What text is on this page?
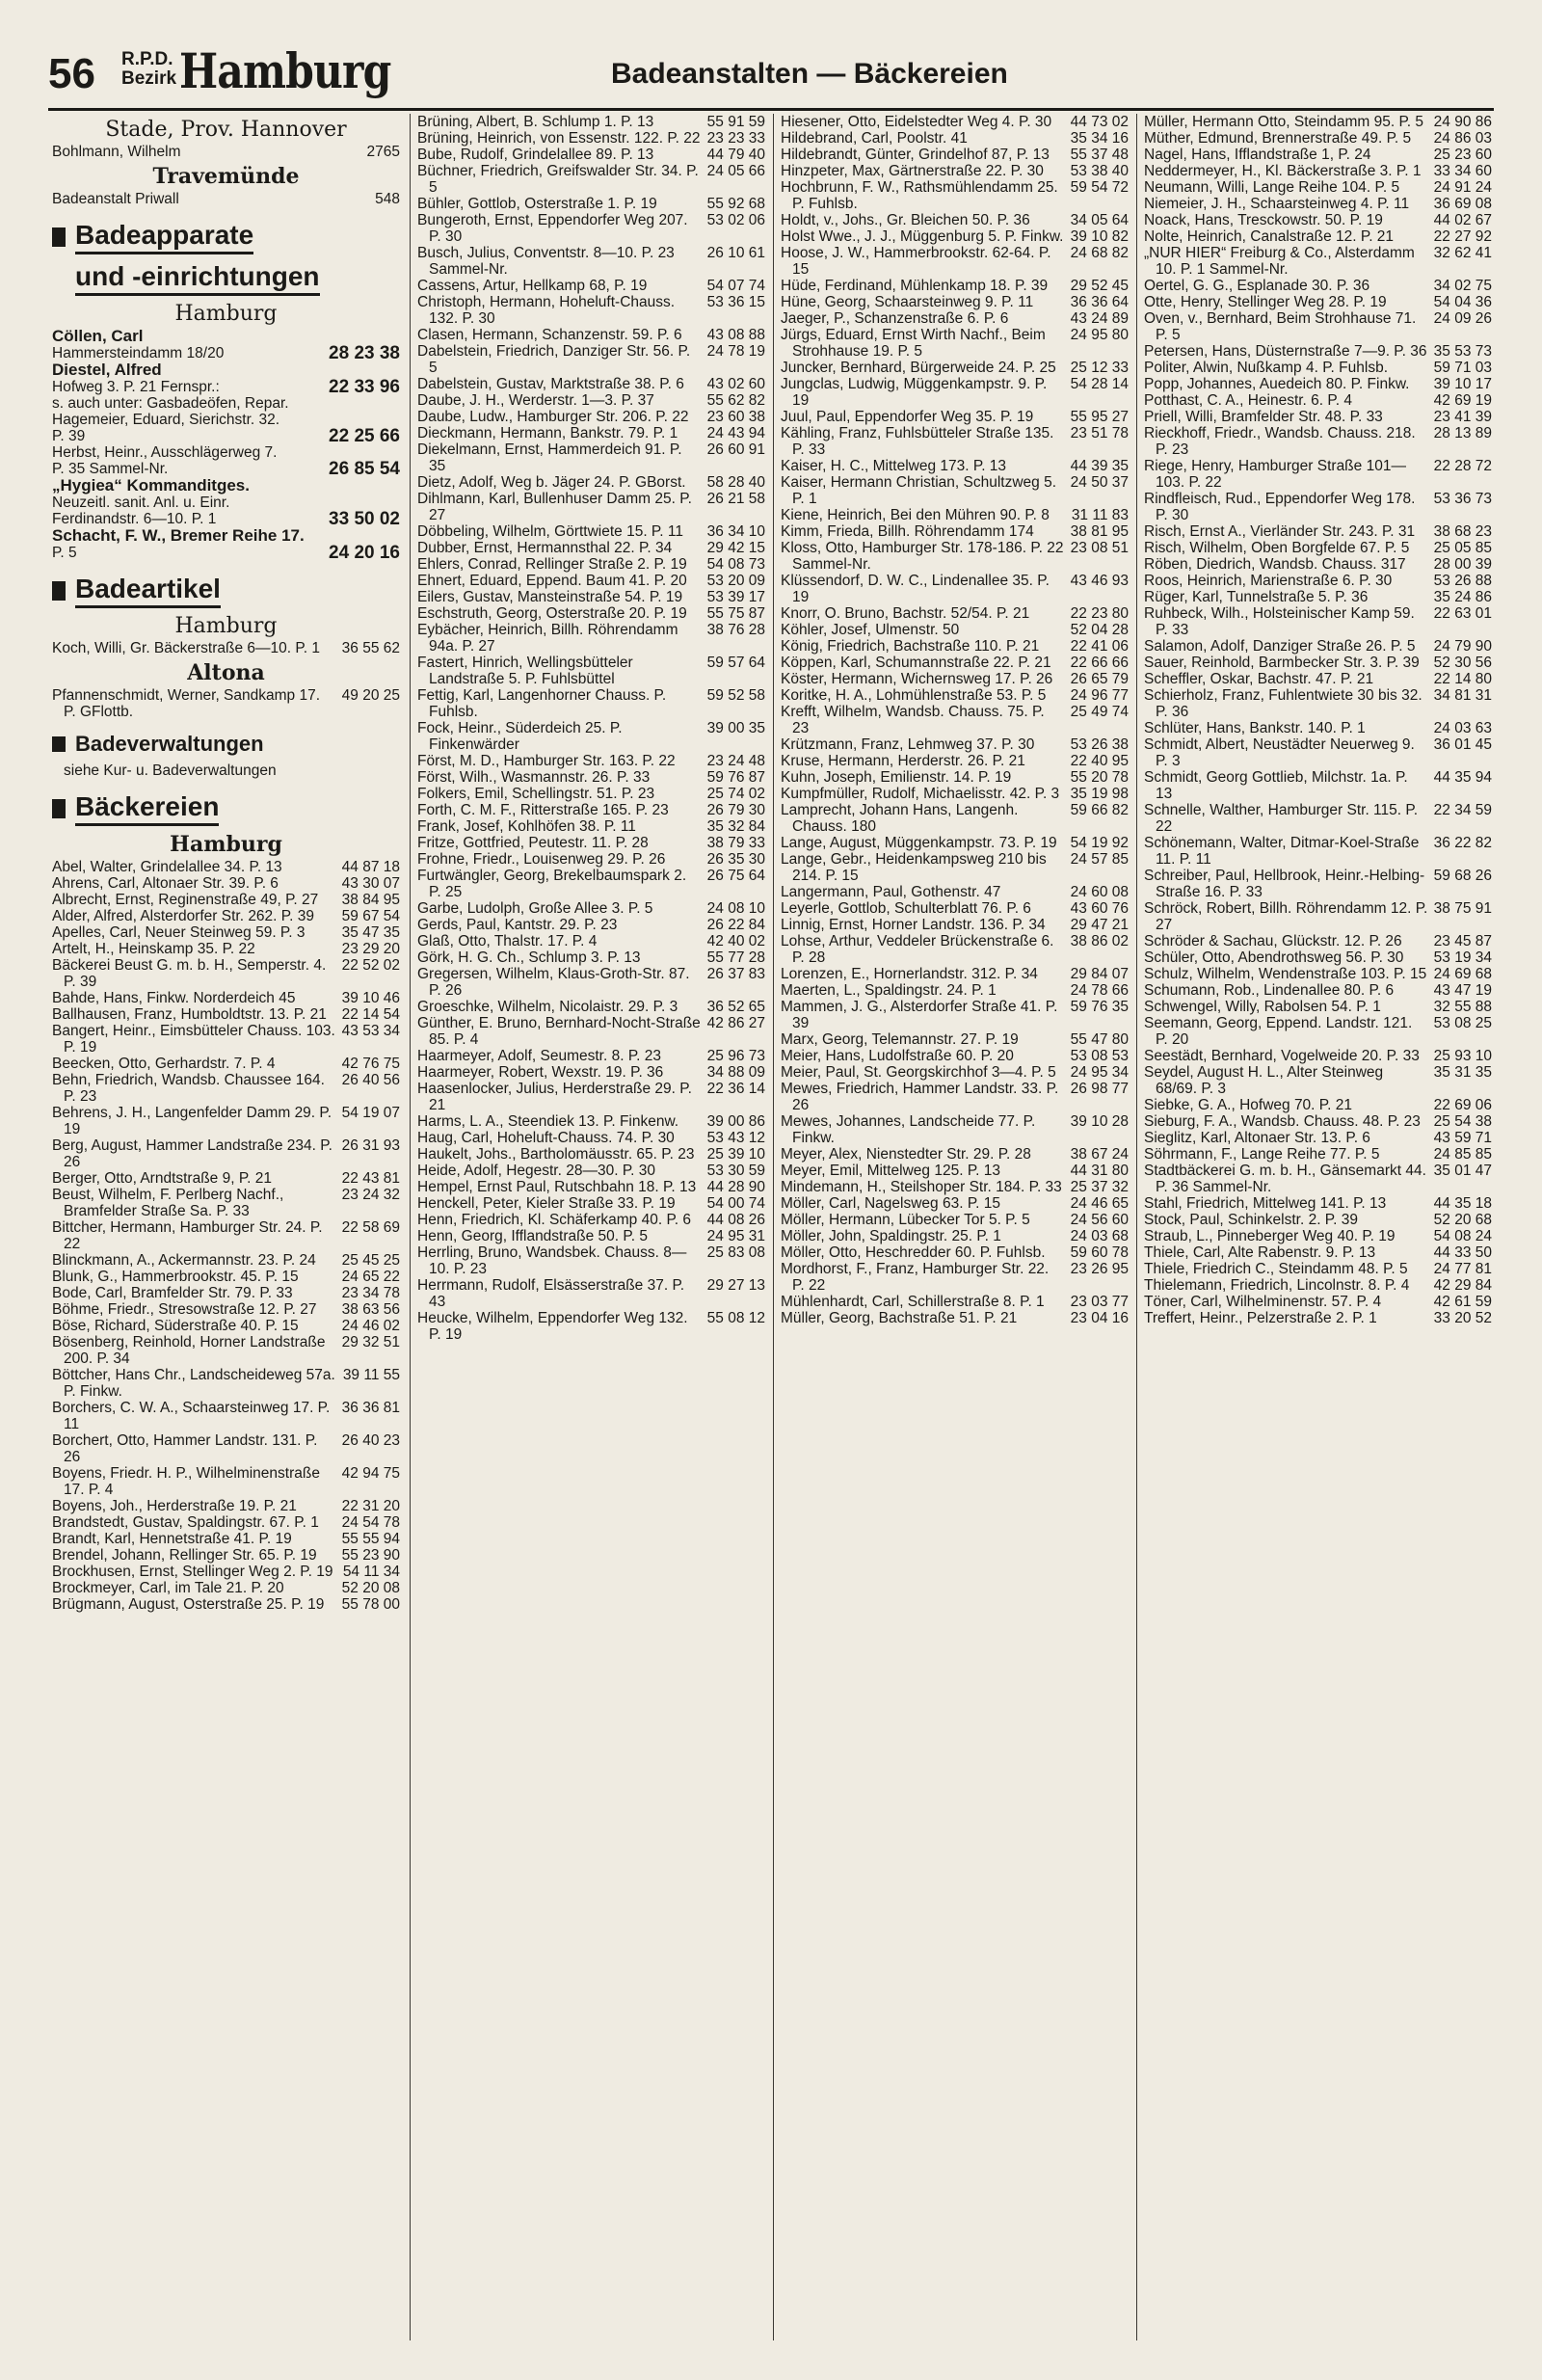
56 R.P.D.
Bezirk Hamburg	Badeanstalten — Bäckereien
Stade, Prov. Hannover
2765
Bohlmann, Wilhelm
Travemünde
548
Badeanstalt Priwall
Badeapparate
und -einrichtungen
Hamburg
Cöllen, Carl
28 23 38
Hammersteindamm 18/20
Diestel, Alfred
22 33 96
Hofweg 3. P. 21 Fernspr.:
s. auch unter: Gasbadeöfen, Repar.
Hagemeier, Eduard, Sierichstr. 32.
22 25 66
P. 39
Herbst, Heinr., Ausschlägerweg 7.
26 85 54
P. 35 Sammel-Nr.
„Hygiea“ Kommanditges.
Neuzeitl. sanit. Anl. u. Einr.
33 50 02
Ferdinandstr. 6—10. P. 1
Schacht, F. W., Bremer Reihe 17.
24 20 16
P. 5
Badeartikel
Hamburg
36 55 62
Koch, Willi, Gr. Bäckerstraße 6—10. P. 1
Altona
49 20 25
Pfannenschmidt, Werner, Sandkamp 17. P. GFlottb.
Badeverwaltungen
siehe Kur- u. Badeverwaltungen
Bäckereien
Hamburg
44 87 18
Abel, Walter, Grindelallee 34. P. 13
43 30 07
Ahrens, Carl, Altonaer Str. 39. P. 6
38 84 95
Albrecht, Ernst, Reginenstraße 49, P. 27
59 67 54
Alder, Alfred, Alsterdorfer Str. 262. P. 39
35 47 35
Apelles, Carl, Neuer Steinweg 59. P. 3
23 29 20
Artelt, H., Heinskamp 35. P. 22
22 52 02
Bäckerei Beust G. m. b. H., Semperstr. 4. P. 39
39 10 46
Bahde, Hans, Finkw. Norderdeich 45
22 14 54
Ballhausen, Franz, Humboldtstr. 13. P. 21
43 53 34
Bangert, Heinr., Eimsbütteler Chauss. 103. P. 19
42 76 75
Beecken, Otto, Gerhardstr. 7. P. 4
26 40 56
Behn, Friedrich, Wandsb. Chaussee 164. P. 23
54 19 07
Behrens, J. H., Langenfelder Damm 29. P. 19
26 31 93
Berg, August, Hammer Landstraße 234. P. 26
22 43 81
Berger, Otto, Arndtstraße 9, P. 21
23 24 32
Beust, Wilhelm, F. Perlberg Nachf., Bramfelder Straße Sa. P. 33
22 58 69
Bittcher, Hermann, Hamburger Str. 24. P. 22
25 45 25
Blinckmann, A., Ackermannstr. 23. P. 24
24 65 22
Blunk, G., Hammerbrookstr. 45. P. 15
23 34 78
Bode, Carl, Bramfelder Str. 79. P. 33
38 63 56
Böhme, Friedr., Stresowstraße 12. P. 27
24 46 02
Böse, Richard, Süderstraße 40. P. 15
29 32 51
Bösenberg, Reinhold, Horner Landstraße 200. P. 34
39 11 55
Böttcher, Hans Chr., Landscheideweg 57a. P. Finkw.
36 36 81
Borchers, C. W. A., Schaarsteinweg 17. P. 11
26 40 23
Borchert, Otto, Hammer Landstr. 131. P. 26
42 94 75
Boyens, Friedr. H. P., Wilhelminenstraße 17. P. 4
22 31 20
Boyens, Joh., Herderstraße 19. P. 21
24 54 78
Brandstedt, Gustav, Spaldingstr. 67. P. 1
55 55 94
Brandt, Karl, Hennetstraße 41. P. 19
55 23 90
Brendel, Johann, Rellinger Str. 65. P. 19
54 11 34
Brockhusen, Ernst, Stellinger Weg 2. P. 19
52 20 08
Brockmeyer, Carl, im Tale 21. P. 20
55 78 00
Brügmann, August, Osterstraße 25. P. 19
55 91 59
Brüning, Albert, B. Schlump 1. P. 13
23 23 33
Brüning, Heinrich, von Essenstr. 122. P. 22
44 79 40
Bube, Rudolf, Grindelallee 89. P. 13
24 05 66
Büchner, Friedrich, Greifswalder Str. 34. P. 5
55 92 68
Bühler, Gottlob, Osterstraße 1. P. 19
53 02 06
Bungeroth, Ernst, Eppendorfer Weg 207. P. 30
26 10 61
Busch, Julius, Conventstr. 8—10. P. 23 Sammel-Nr.
54 07 74
Cassens, Artur, Hellkamp 68, P. 19
53 36 15
Christoph, Hermann, Hoheluft-Chauss. 132. P. 30
43 08 88
Clasen, Hermann, Schanzenstr. 59. P. 6
24 78 19
Dabelstein, Friedrich, Danziger Str. 56. P. 5
43 02 60
Dabelstein, Gustav, Marktstraße 38. P. 6
55 62 82
Daube, J. H., Werderstr. 1—3. P. 37
23 60 38
Daube, Ludw., Hamburger Str. 206. P. 22
24 43 94
Dieckmann, Hermann, Bankstr. 79. P. 1
26 60 91
Diekelmann, Ernst, Hammerdeich 91. P. 35
58 28 40
Dietz, Adolf, Weg b. Jäger 24. P. GBorst.
26 21 58
Dihlmann, Karl, Bullenhuser Damm 25. P. 27
36 34 10
Döbbeling, Wilhelm, Görttwiete 15. P. 11
29 42 15
Dubber, Ernst, Hermannsthal 22. P. 34
54 08 73
Ehlers, Conrad, Rellinger Straße 2. P. 19
53 20 09
Ehnert, Eduard, Eppend. Baum 41. P. 20
53 39 17
Eilers, Gustav, Mansteinstraße 54. P. 19
55 75 87
Eschstruth, Georg, Osterstraße 20. P. 19
38 76 28
Eybächer, Heinrich, Billh. Röhrendamm 94a. P. 27
59 57 64
Fastert, Hinrich, Wellingsbütteler Landstraße 5. P. Fuhlsbüttel
59 52 58
Fettig, Karl, Langenhorner Chauss. P. Fuhlsb.
39 00 35
Fock, Heinr., Süderdeich 25. P. Finkenwärder
23 24 48
Först, M. D., Hamburger Str. 163. P. 22
59 76 87
Först, Wilh., Wasmannstr. 26. P. 33
25 74 02
Folkers, Emil, Schellingstr. 51. P. 23
26 79 30
Forth, C. M. F., Ritterstraße 165. P. 23
35 32 84
Frank, Josef, Kohlhöfen 38. P. 11
38 79 33
Fritze, Gottfried, Peutestr. 11. P. 28
26 35 30
Frohne, Friedr., Louisenweg 29. P. 26
26 75 64
Furtwängler, Georg, Brekelbaumspark 2. P. 25
24 08 10
Garbe, Ludolph, Große Allee 3. P. 5
26 22 84
Gerds, Paul, Kantstr. 29. P. 23
42 40 02
Glaß, Otto, Thalstr. 17. P. 4
55 77 28
Görk, H. G. Ch., Schlump 3. P. 13
26 37 83
Gregersen, Wilhelm, Klaus-Groth-Str. 87. P. 26
36 52 65
Groeschke, Wilhelm, Nicolaistr. 29. P. 3
42 86 27
Günther, E. Bruno, Bernhard-Nocht-Straße 85. P. 4
25 96 73
Haarmeyer, Adolf, Seumestr. 8. P. 23
34 88 09
Haarmeyer, Robert, Wexstr. 19. P. 36
22 36 14
Haasenlocker, Julius, Herderstraße 29. P. 21
39 00 86
Harms, L. A., Steendiek 13. P. Finkenw.
53 43 12
Haug, Carl, Hoheluft-Chauss. 74. P. 30
25 39 10
Haukelt, Johs., Bartholomäusstr. 65. P. 23
53 30 59
Heide, Adolf, Hegestr. 28—30. P. 30
44 28 90
Hempel, Ernst Paul, Rutschbahn 18. P. 13
54 00 74
Henckell, Peter, Kieler Straße 33. P. 19
44 08 26
Henn, Friedrich, Kl. Schäferkamp 40. P. 6
24 95 31
Henn, Georg, Ifflandstraße 50. P. 5
25 83 08
Herrling, Bruno, Wandsbek. Chauss. 8—10. P. 23
29 27 13
Herrmann, Rudolf, Elsässerstraße 37. P. 43
55 08 12
Heucke, Wilhelm, Eppendorfer Weg 132. P. 19
44 73 02
Hiesener, Otto, Eidelstedter Weg 4. P. 30
35 34 16
Hildebrand, Carl, Poolstr. 41
55 37 48
Hildebrandt, Günter, Grindelhof 87, P. 13
53 38 40
Hinzpeter, Max, Gärtnerstraße 22. P. 30
59 54 72
Hochbrunn, F. W., Rathsmühlendamm 25. P. Fuhlsb.
34 05 64
Holdt, v., Johs., Gr. Bleichen 50. P. 36
39 10 82
Holst Wwe., J. J., Müggenburg 5. P. Finkw.
24 68 82
Hoose, J. W., Hammerbrookstr. 62-64. P. 15
29 52 45
Hüde, Ferdinand, Mühlenkamp 18. P. 39
36 36 64
Hüne, Georg, Schaarsteinweg 9. P. 11
43 24 89
Jaeger, P., Schanzenstraße 6. P. 6
24 95 80
Jürgs, Eduard, Ernst Wirth Nachf., Beim Strohhause 19. P. 5
25 12 33
Juncker, Bernhard, Bürgerweide 24. P. 25
54 28 14
Jungclas, Ludwig, Müggenkampstr. 9. P. 19
55 95 27
Juul, Paul, Eppendorfer Weg 35. P. 19
23 51 78
Kähling, Franz, Fuhlsbütteler Straße 135. P. 33
44 39 35
Kaiser, H. C., Mittelweg 173. P. 13
24 50 37
Kaiser, Hermann Christian, Schultzweg 5. P. 1
31 11 83
Kiene, Heinrich, Bei den Mühren 90. P. 8
38 81 95
Kimm, Frieda, Billh. Röhrendamm 174
23 08 51
Kloss, Otto, Hamburger Str. 178-186. P. 22 Sammel-Nr.
43 46 93
Klüssendorf, D. W. C., Lindenallee 35. P. 19
22 23 80
Knorr, O. Bruno, Bachstr. 52/54. P. 21
52 04 28
Köhler, Josef, Ulmenstr. 50
22 41 06
König, Friedrich, Bachstraße 110. P. 21
22 66 66
Köppen, Karl, Schumannstraße 22. P. 21
26 65 79
Köster, Hermann, Wichernsweg 17. P. 26
24 96 77
Koritke, H. A., Lohmühlenstraße 53. P. 5
25 49 74
Krefft, Wilhelm, Wandsb. Chauss. 75. P. 23
53 26 38
Krützmann, Franz, Lehmweg 37. P. 30
22 40 95
Kruse, Hermann, Herderstr. 26. P. 21
55 20 78
Kuhn, Joseph, Emilienstr. 14. P. 19
35 19 98
Kumpfmüller, Rudolf, Michaelisstr. 42. P. 3
59 66 82
Lamprecht, Johann Hans, Langenh. Chauss. 180
54 19 92
Lange, August, Müggenkampstr. 73. P. 19
24 57 85
Lange, Gebr., Heidenkampsweg 210 bis 214. P. 15
24 60 08
Langermann, Paul, Gothenstr. 47
43 60 76
Leyerle, Gottlob, Schulterblatt 76. P. 6
29 47 21
Linnig, Ernst, Horner Landstr. 136. P. 34
38 86 02
Lohse, Arthur, Veddeler Brückenstraße 6. P. 28
29 84 07
Lorenzen, E., Hornerlandstr. 312. P. 34
24 78 66
Maerten, L., Spaldingstr. 24. P. 1
59 76 35
Mammen, J. G., Alsterdorfer Straße 41. P. 39
55 47 80
Marx, Georg, Telemannstr. 27. P. 19
53 08 53
Meier, Hans, Ludolfstraße 60. P. 20
24 95 34
Meier, Paul, St. Georgskirchhof 3—4. P. 5
26 98 77
Mewes, Friedrich, Hammer Landstr. 33. P. 26
39 10 28
Mewes, Johannes, Landscheide 77. P. Finkw.
38 67 24
Meyer, Alex, Nienstedter Str. 29. P. 28
44 31 80
Meyer, Emil, Mittelweg 125. P. 13
25 37 32
Mindemann, H., Steilshoper Str. 184. P. 33
24 46 65
Möller, Carl, Nagelsweg 63. P. 15
24 56 60
Möller, Hermann, Lübecker Tor 5. P. 5
24 03 68
Möller, John, Spaldingstr. 25. P. 1
59 60 78
Möller, Otto, Heschredder 60. P. Fuhlsb.
23 26 95
Mordhorst, F., Franz, Hamburger Str. 22. P. 22
23 03 77
Mühlenhardt, Carl, Schillerstraße 8. P. 1
23 04 16
Müller, Georg, Bachstraße 51. P. 21
24 90 86
Müller, Hermann Otto, Steindamm 95. P. 5
24 86 03
Müther, Edmund, Brennerstraße 49. P. 5
25 23 60
Nagel, Hans, Ifflandstraße 1, P. 24
33 34 60
Neddermeyer, H., Kl. Bäckerstraße 3. P. 1
24 91 24
Neumann, Willi, Lange Reihe 104. P. 5
36 69 08
Niemeier, J. H., Schaarsteinweg 4. P. 11
44 02 67
Noack, Hans, Tresckowstr. 50. P. 19
22 27 92
Nolte, Heinrich, Canalstraße 12. P. 21
32 62 41
„NUR HIER“ Freiburg & Co., Alsterdamm 10. P. 1 Sammel-Nr.
34 02 75
Oertel, G. G., Esplanade 30. P. 36
54 04 36
Otte, Henry, Stellinger Weg 28. P. 19
24 09 26
Oven, v., Bernhard, Beim Strohhause 71. P. 5
35 53 73
Petersen, Hans, Düsternstraße 7—9. P. 36
59 71 03
Politer, Alwin, Nußkamp 4. P. Fuhlsb.
39 10 17
Popp, Johannes, Auedeich 80. P. Finkw.
42 69 19
Potthast, C. A., Heinestr. 6. P. 4
23 41 39
Priell, Willi, Bramfelder Str. 48. P. 33
28 13 89
Rieckhoff, Friedr., Wandsb. Chauss. 218. P. 23
22 28 72
Riege, Henry, Hamburger Straße 101—103. P. 22
53 36 73
Rindfleisch, Rud., Eppendorfer Weg 178. P. 30
38 68 23
Risch, Ernst A., Vierländer Str. 243. P. 31
25 05 85
Risch, Wilhelm, Oben Borgfelde 67. P. 5
28 00 39
Röben, Diedrich, Wandsb. Chauss. 317
53 26 88
Roos, Heinrich, Marienstraße 6. P. 30
35 24 86
Rüger, Karl, Tunnelstraße 5. P. 36
22 63 01
Ruhbeck, Wilh., Holsteinischer Kamp 59. P. 33
24 79 90
Salamon, Adolf, Danziger Straße 26. P. 5
52 30 56
Sauer, Reinhold, Barmbecker Str. 3. P. 39
22 14 80
Scheffler, Oskar, Bachstr. 47. P. 21
34 81 31
Schierholz, Franz, Fuhlentwiete 30 bis 32. P. 36
24 03 63
Schlüter, Hans, Bankstr. 140. P. 1
36 01 45
Schmidt, Albert, Neustädter Neuerweg 9. P. 3
44 35 94
Schmidt, Georg Gottlieb, Milchstr. 1a. P. 13
22 34 59
Schnelle, Walther, Hamburger Str. 115. P. 22
36 22 82
Schönemann, Walter, Ditmar-Koel-Straße 11. P. 11
59 68 26
Schreiber, Paul, Hellbrook, Heinr.-Helbing-Straße 16. P. 33
38 75 91
Schröck, Robert, Billh. Röhrendamm 12. P. 27
23 45 87
Schröder & Sachau, Glückstr. 12. P. 26
53 19 34
Schüler, Otto, Abendrothsweg 56. P. 30
24 69 68
Schulz, Wilhelm, Wendenstraße 103. P. 15
43 47 19
Schumann, Rob., Lindenallee 80. P. 6
32 55 88
Schwengel, Willy, Rabolsen 54. P. 1
53 08 25
Seemann, Georg, Eppend. Landstr. 121. P. 20
25 93 10
Seestädt, Bernhard, Vogelweide 20. P. 33
35 31 35
Seydel, August H. L., Alter Steinweg 68/69. P. 3
22 69 06
Siebke, G. A., Hofweg 70. P. 21
25 54 38
Sieburg, F. A., Wandsb. Chauss. 48. P. 23
43 59 71
Sieglitz, Karl, Altonaer Str. 13. P. 6
24 85 85
Söhrmann, F., Lange Reihe 77. P. 5
35 01 47
Stadtbäckerei G. m. b. H., Gänsemarkt 44. P. 36 Sammel-Nr.
44 35 18
Stahl, Friedrich, Mittelweg 141. P. 13
52 20 68
Stock, Paul, Schinkelstr. 2. P. 39
54 08 24
Straub, L., Pinneberger Weg 40. P. 19
44 33 50
Thiele, Carl, Alte Rabenstr. 9. P. 13
24 77 81
Thiele, Friedrich C., Steindamm 48. P. 5
42 29 84
Thielemann, Friedrich, Lincolnstr. 8. P. 4
42 61 59
Töner, Carl, Wilhelminenstr. 57. P. 4
33 20 52
Treffert, Heinr., Pelzerstraße 2. P. 1
